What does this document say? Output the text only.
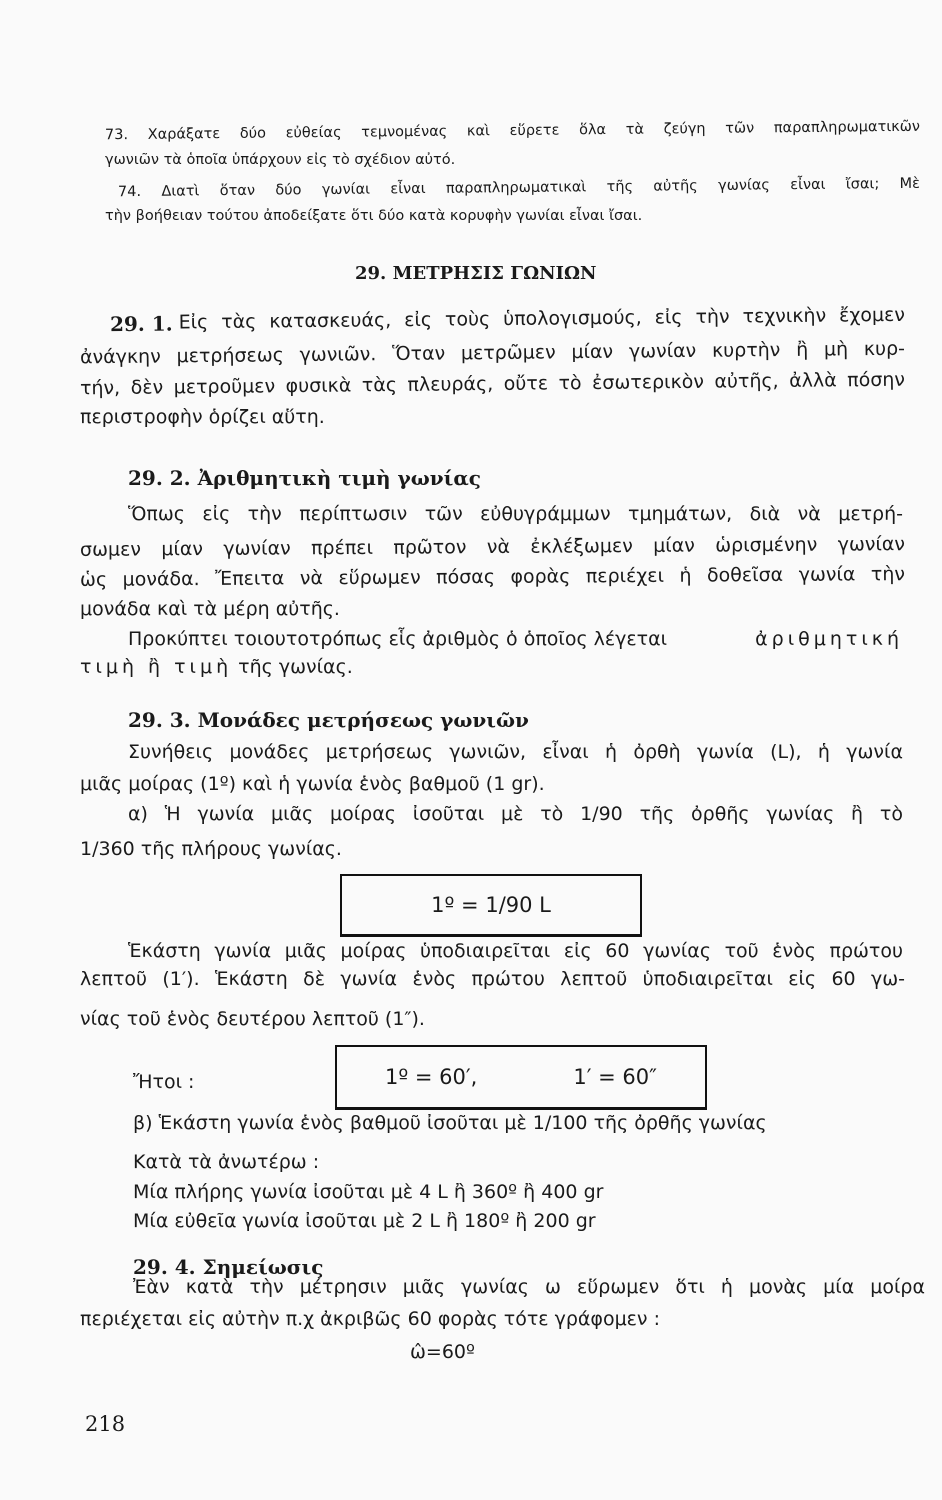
73. Χαράξατε δύο εὐθείας τεμνομένας καὶ εὕρετε ὅλα τὰ ζεύγη τῶν παραπληρωματικῶν
γωνιῶν τὰ ὁποῖα ὑπάρχουν εἰς τὸ σχέδιον αὐτό.
74. Διατὶ ὅταν δύο γωνίαι εἶναι παραπληρωματικαὶ τῆς αὐτῆς γωνίας εἶναι ἴσαι; Μὲ
τὴν βοήθειαν τούτου ἀποδείξατε ὅτι δύο κατὰ κορυφὴν γωνίαι εἶναι ἴσαι.
29. ΜΕΤΡΗΣΙΣ ΓΩΝΙΩΝ
29. 1. Εἰς τὰς κατασκευάς, εἰς τοὺς ὑπολογισμούς, εἰς τὴν τεχνικὴν ἔχομεν
ἀνάγκην μετρήσεως γωνιῶν. Ὅταν μετρῶμεν μίαν γωνίαν κυρτὴν ἢ μὴ κυρ-
τήν, δὲν μετροῦμεν φυσικὰ τὰς πλευράς, οὔτε τὸ ἐσωτερικὸν αὐτῆς, ἀλλὰ πόσην
περιστροφὴν ὁρίζει αὕτη.
29. 2. Ἀριθμητικὴ τιμὴ γωνίας
Ὅπως εἰς τὴν περίπτωσιν τῶν εὐθυγράμμων τμημάτων, διὰ νὰ μετρή-
σωμεν μίαν γωνίαν πρέπει πρῶτον νὰ ἐκλέξωμεν μίαν ὡρισμένην γωνίαν
ὡς μονάδα. Ἔπειτα νὰ εὕρωμεν πόσας φορὰς περιέχει ἡ δοθεῖσα γωνία τὴν
μονάδα καὶ τὰ μέρη αὐτῆς.
Προκύπτει τοιουτοτρόπως εἷς ἀριθμὸς ὁ ὁποῖος λέγεται	ἀριθμητική
τιμὴ ἢ τιμὴ τῆς γωνίας.
29. 3. Μονάδες μετρήσεως γωνιῶν
Συνήθεις μονάδες μετρήσεως γωνιῶν, εἶναι ἡ ὀρθὴ γωνία (L), ἡ γωνία
μιᾶς μοίρας (1º) καὶ ἡ γωνία ἑνὸς βαθμοῦ (1 gr).
α) Ἡ γωνία μιᾶς μοίρας ἰσοῦται μὲ τὸ 1/90 τῆς ὀρθῆς γωνίας ἢ τὸ
1/360 τῆς πλήρους γωνίας.
1º = 1/90 L
Ἑκάστη γωνία μιᾶς μοίρας ὑποδιαιρεῖται εἰς 60 γωνίας τοῦ ἑνὸς πρώτου
λεπτοῦ (1′). Ἑκάστη δὲ γωνία ἑνὸς πρώτου λεπτοῦ ὑποδιαιρεῖται εἰς 60 γω-
νίας τοῦ ἑνὸς δευτέρου λεπτοῦ (1″).
Ἤτοι :	1º = 60′,	1′ = 60″
β) Ἑκάστη γωνία ἑνὸς βαθμοῦ ἰσοῦται μὲ 1/100 τῆς ὀρθῆς γωνίας
Κατὰ τὰ ἀνωτέρω :
Μία πλήρης γωνία ἰσοῦται μὲ 4 L ἢ 360º ἢ 400 gr
Μία εὐθεῖα γωνία ἰσοῦται μὲ 2 L ἢ 180º ἢ 200 gr
29. 4. Σημείωσις
Ἐὰν κατὰ τὴν μέτρησιν μιᾶς γωνίας ω εὕρωμεν ὅτι ἡ μονὰς μία μοίρα
περιέχεται εἰς αὐτὴν π.χ ἀκριβῶς 60 φορὰς τότε γράφομεν :
ω̂=60º
218
